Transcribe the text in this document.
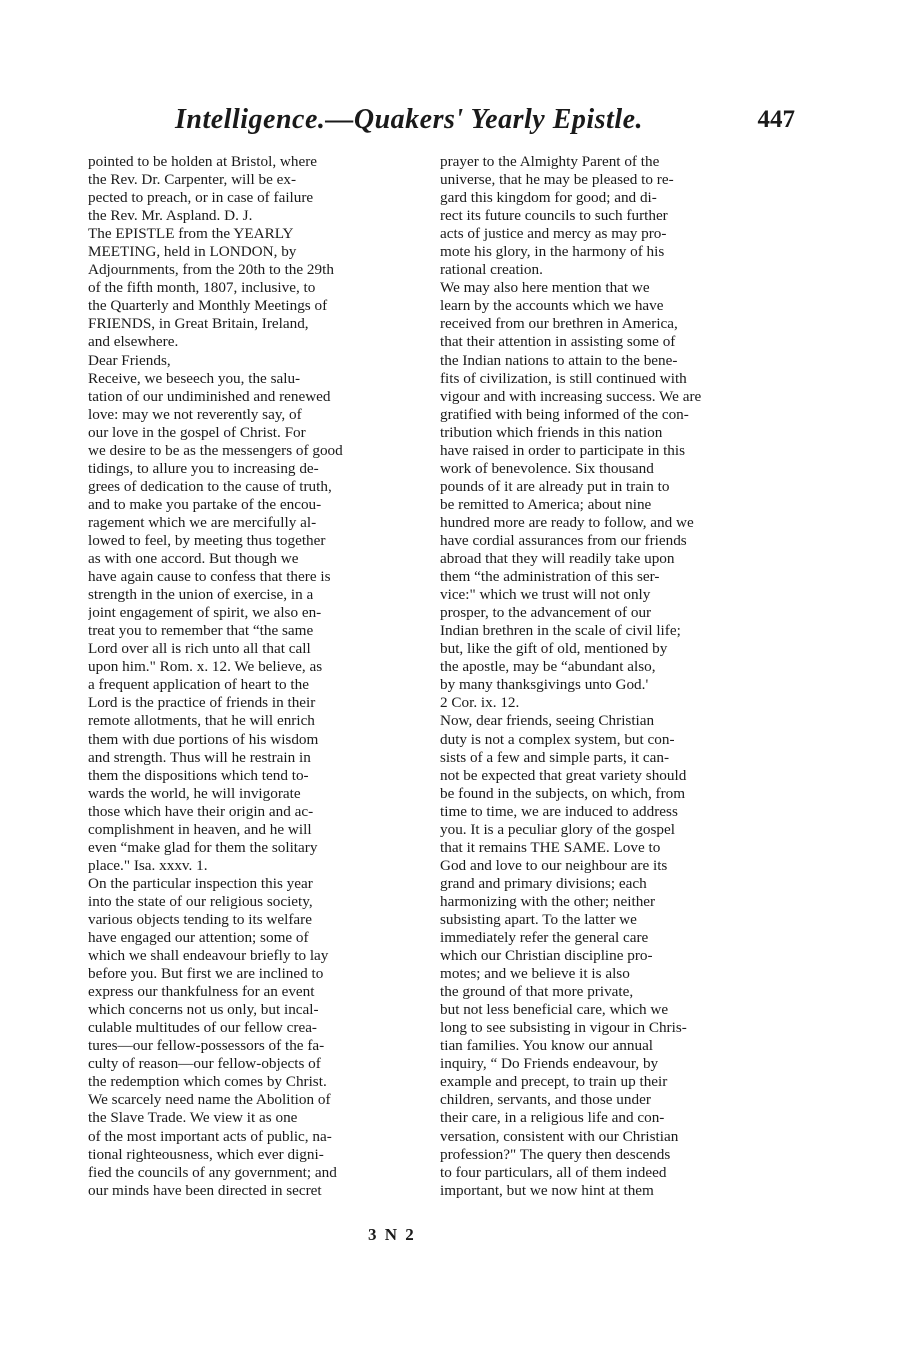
Intelligence.—Quakers' Yearly Epistle.	447
pointed to be holden at Bristol, where
the Rev. Dr. Carpenter, will be ex-
pected to preach, or in case of failure
the Rev. Mr. Aspland. D. J.
The EPISTLE from the YEARLY
MEETING, held in LONDON, by
Adjournments, from the 20th to the 29th
of the fifth month, 1807, inclusive, to
the Quarterly and Monthly Meetings of
FRIENDS, in Great Britain, Ireland,
and elsewhere.
Dear Friends,
Receive, we beseech you, the salu-
tation of our undiminished and renewed
love: may we not reverently say, of
our love in the gospel of Christ. For
we desire to be as the messengers of good
tidings, to allure you to increasing de-
grees of dedication to the cause of truth,
and to make you partake of the encou-
ragement which we are mercifully al-
lowed to feel, by meeting thus together
as with one accord. But though we
have again cause to confess that there is
strength in the union of exercise, in a
joint engagement of spirit, we also en-
treat you to remember that “the same
Lord over all is rich unto all that call
upon him." Rom. x. 12. We believe, as
a frequent application of heart to the
Lord is the practice of friends in their
remote allotments, that he will enrich
them with due portions of his wisdom
and strength. Thus will he restrain in
them the dispositions which tend to-
wards the world, he will invigorate
those which have their origin and ac-
complishment in heaven, and he will
even “make glad for them the solitary
place." Isa. xxxv. 1.
On the particular inspection this year
into the state of our religious society,
various objects tending to its welfare
have engaged our attention; some of
which we shall endeavour briefly to lay
before you. But first we are inclined to
express our thankfulness for an event
which concerns not us only, but incal-
culable multitudes of our fellow crea-
tures—our fellow-possessors of the fa-
culty of reason—our fellow-objects of
the redemption which comes by Christ.
We scarcely need name the Abolition of
the Slave Trade. We view it as one
of the most important acts of public, na-
tional righteousness, which ever digni-
fied the councils of any government; and
our minds have been directed in secret
prayer to the Almighty Parent of the
universe, that he may be pleased to re-
gard this kingdom for good; and di-
rect its future councils to such further
acts of justice and mercy as may pro-
mote his glory, in the harmony of his
rational creation.
We may also here mention that we
learn by the accounts which we have
received from our brethren in America,
that their attention in assisting some of
the Indian nations to attain to the bene-
fits of civilization, is still continued with
vigour and with increasing success. We are
gratified with being informed of the con-
tribution which friends in this nation
have raised in order to participate in this
work of benevolence. Six thousand
pounds of it are already put in train to
be remitted to America; about nine
hundred more are ready to follow, and we
have cordial assurances from our friends
abroad that they will readily take upon
them “the administration of this ser-
vice:" which we trust will not only
prosper, to the advancement of our
Indian brethren in the scale of civil life;
but, like the gift of old, mentioned by
the apostle, may be “abundant also,
by many thanksgivings unto God.'
2 Cor. ix. 12.
Now, dear friends, seeing Christian
duty is not a complex system, but con-
sists of a few and simple parts, it can-
not be expected that great variety should
be found in the subjects, on which, from
time to time, we are induced to address
you. It is a peculiar glory of the gospel
that it remains THE SAME. Love to
God and love to our neighbour are its
grand and primary divisions; each
harmonizing with the other; neither
subsisting apart. To the latter we
immediately refer the general care
which our Christian discipline pro-
motes; and we believe it is also
the ground of that more private,
but not less beneficial care, which we
long to see subsisting in vigour in Chris-
tian families. You know our annual
inquiry, “ Do Friends endeavour, by
example and precept, to train up their
children, servants, and those under
their care, in a religious life and con-
versation, consistent with our Christian
profession?" The query then descends
to four particulars, all of them indeed
important, but we now hint at them
3 N 2
